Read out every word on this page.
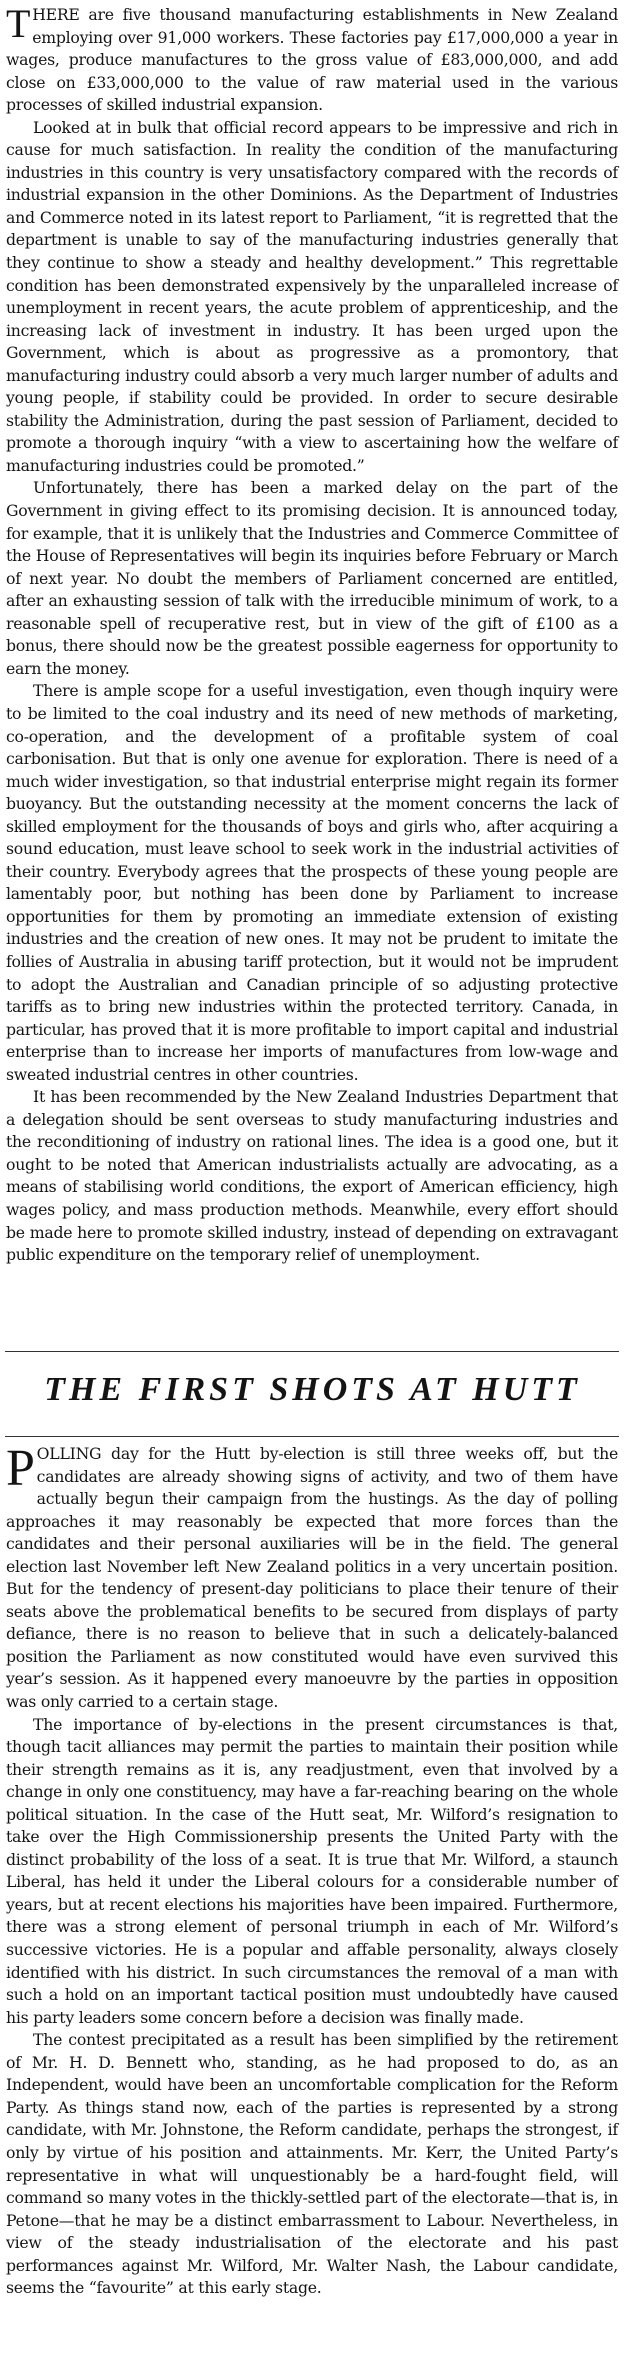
THERE are five thousand manufacturing establishments in New Zealand employing over 91,000 workers. These factories pay £17,000,000 a year in wages, produce manufactures to the gross value of £83,000,000, and add close on £33,000,000 to the value of raw material used in the various processes of skilled industrial expansion.

Looked at in bulk that official record appears to be impressive and rich in cause for much satisfaction. In reality the condition of the manufacturing industries in this country is very unsatisfactory compared with the records of industrial expansion in the other Dominions. As the Department of Industries and Commerce noted in its latest report to Parliament, “it is regretted that the department is unable to say of the manufacturing industries generally that they continue to show a steady and healthy development.” This regrettable condition has been demonstrated expensively by the unparalleled increase of unemployment in recent years, the acute problem of apprenticeship, and the increasing lack of investment in industry. It has been urged upon the Government, which is about as progressive as a promontory, that manufacturing industry could absorb a very much larger number of adults and young people, if stability could be provided. In order to secure desirable stability the Administration, during the past session of Parliament, decided to promote a thorough inquiry “with a view to ascertaining how the welfare of manufacturing industries could be promoted.”

Unfortunately, there has been a marked delay on the part of the Government in giving effect to its promising decision. It is announced today, for example, that it is unlikely that the Industries and Commerce Committee of the House of Representatives will begin its inquiries before February or March of next year. No doubt the members of Parliament concerned are entitled, after an exhausting session of talk with the irreducible minimum of work, to a reasonable spell of recuperative rest, but in view of the gift of £100 as a bonus, there should now be the greatest possible eagerness for opportunity to earn the money.

There is ample scope for a useful investigation, even though inquiry were to be limited to the coal industry and its need of new methods of marketing, co-operation, and the development of a profitable system of coal carbonisation. But that is only one avenue for exploration. There is need of a much wider investigation, so that industrial enterprise might regain its former buoyancy. But the outstanding necessity at the moment concerns the lack of skilled employment for the thousands of boys and girls who, after acquiring a sound education, must leave school to seek work in the industrial activities of their country. Everybody agrees that the prospects of these young people are lamentably poor, but nothing has been done by Parliament to increase opportunities for them by promoting an immediate extension of existing industries and the creation of new ones. It may not be prudent to imitate the follies of Australia in abusing tariff protection, but it would not be imprudent to adopt the Australian and Canadian principle of so adjusting protective tariffs as to bring new industries within the protected territory. Canada, in particular, has proved that it is more profitable to import capital and industrial enterprise than to increase her imports of manufactures from low-wage and sweated industrial centres in other countries.

It has been recommended by the New Zealand Industries Department that a delegation should be sent overseas to study manufacturing industries and the reconditioning of industry on rational lines. The idea is a good one, but it ought to be noted that American industrialists actually are advocating, as a means of stabilising world conditions, the export of American efficiency, high wages policy, and mass production methods. Meanwhile, every effort should be made here to promote skilled industry, instead of depending on extravagant public expenditure on the temporary relief of unemployment.

THE FIRST SHOTS AT HUTT

POLLING day for the Hutt by-election is still three weeks off, but the candidates are already showing signs of activity, and two of them have actually begun their campaign from the hustings. As the day of polling approaches it may reasonably be expected that more forces than the candidates and their personal auxiliaries will be in the field. The general election last November left New Zealand politics in a very uncertain position. But for the tendency of present-day politicians to place their tenure of their seats above the problematical benefits to be secured from displays of party defiance, there is no reason to believe that in such a delicately-balanced position the Parliament as now constituted would have even survived this year’s session. As it happened every manoeuvre by the parties in opposition was only carried to a certain stage.

The importance of by-elections in the present circumstances is that, though tacit alliances may permit the parties to maintain their position while their strength remains as it is, any readjustment, even that involved by a change in only one constituency, may have a far-reaching bearing on the whole political situation. In the case of the Hutt seat, Mr. Wilford’s resignation to take over the High Commissionership presents the United Party with the distinct probability of the loss of a seat. It is true that Mr. Wilford, a staunch Liberal, has held it under the Liberal colours for a considerable number of years, but at recent elections his majorities have been impaired. Furthermore, there was a strong element of personal triumph in each of Mr. Wilford’s successive victories. He is a popular and affable personality, always closely identified with his district. In such circumstances the removal of a man with such a hold on an important tactical position must undoubtedly have caused his party leaders some concern before a decision was finally made.

The contest precipitated as a result has been simplified by the retirement of Mr. H. D. Bennett who, standing, as he had proposed to do, as an Independent, would have been an uncomfortable complication for the Reform Party. As things stand now, each of the parties is represented by a strong candidate, with Mr. Johnstone, the Reform candidate, perhaps the strongest, if only by virtue of his position and attainments. Mr. Kerr, the United Party’s representative in what will unquestionably be a hard-fought field, will command so many votes in the thickly-settled part of the electorate—that is, in Petone—that he may be a distinct embarrassment to Labour. Nevertheless, in view of the steady industrialisation of the electorate and his past performances against Mr. Wilford, Mr. Walter Nash, the Labour candidate, seems the “favourite” at this early stage.
